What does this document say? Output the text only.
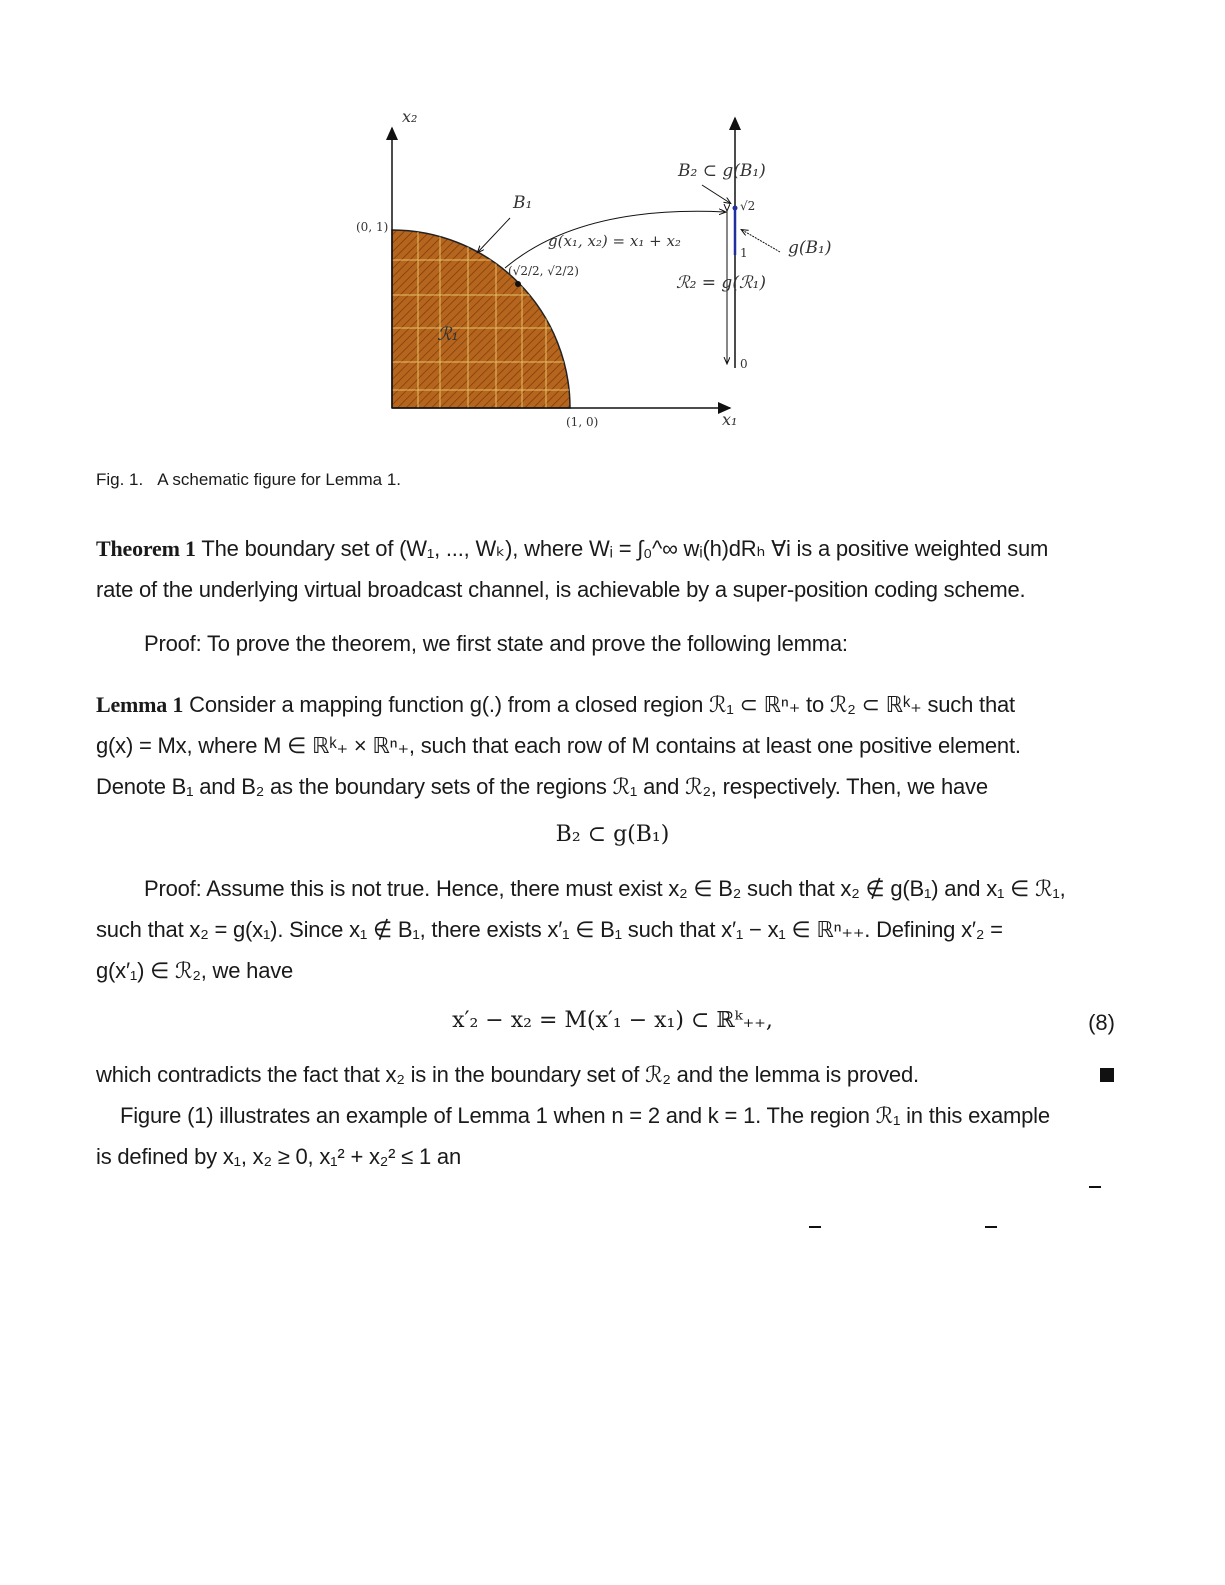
x₂
x₁
(0, 1)
(1, 0)
B₁
ℛ₁
(√2/2, √2/2)
g(x₁, x₂) = x₁ + x₂
B₂ ⊂ g(B₁)
√2
1
0
g(B₁)
ℛ₂ = g(ℛ₁)
Fig. 1. A schematic figure for Lemma 1.
Theorem 1 The boundary set of (W₁, ..., Wₖ), where Wᵢ = ∫₀^∞ wᵢ(h)dRₕ ∀i is a positive weighted sum
rate of the underlying virtual broadcast channel, is achievable by a super-position coding scheme.
Proof: To prove the theorem, we first state and prove the following lemma:
Lemma 1 Consider a mapping function g(.) from a closed region ℛ₁ ⊂ ℝⁿ₊ to ℛ₂ ⊂ ℝᵏ₊ such that
g(x) = Mx, where M ∈ ℝᵏ₊ × ℝⁿ₊, such that each row of M contains at least one positive element.
Denote B₁ and B₂ as the boundary sets of the regions ℛ₁ and ℛ₂, respectively. Then, we have
B₂ ⊂ g(B₁)
Proof: Assume this is not true. Hence, there must exist x₂ ∈ B₂ such that x₂ ∉ g(B₁) and x₁ ∈ ℛ₁,
such that x₂ = g(x₁). Since x₁ ∉ B₁, there exists x′₁ ∈ B₁ such that x′₁ − x₁ ∈ ℝⁿ₊₊. Defining x′₂ =
g(x′₁) ∈ ℛ₂, we have
x′₂ − x₂ = M(x′₁ − x₁) ⊂ ℝᵏ₊₊,	(8)
which contradicts the fact that x₂ is in the boundary set of ℛ₂ and the lemma is proved.
Figure (1) illustrates an example of Lemma 1 when n = 2 and k = 1. The region ℛ₁ in this example
is defined by x₁, x₂ ≥ 0, x₁² + x₂² ≤ 1 an
